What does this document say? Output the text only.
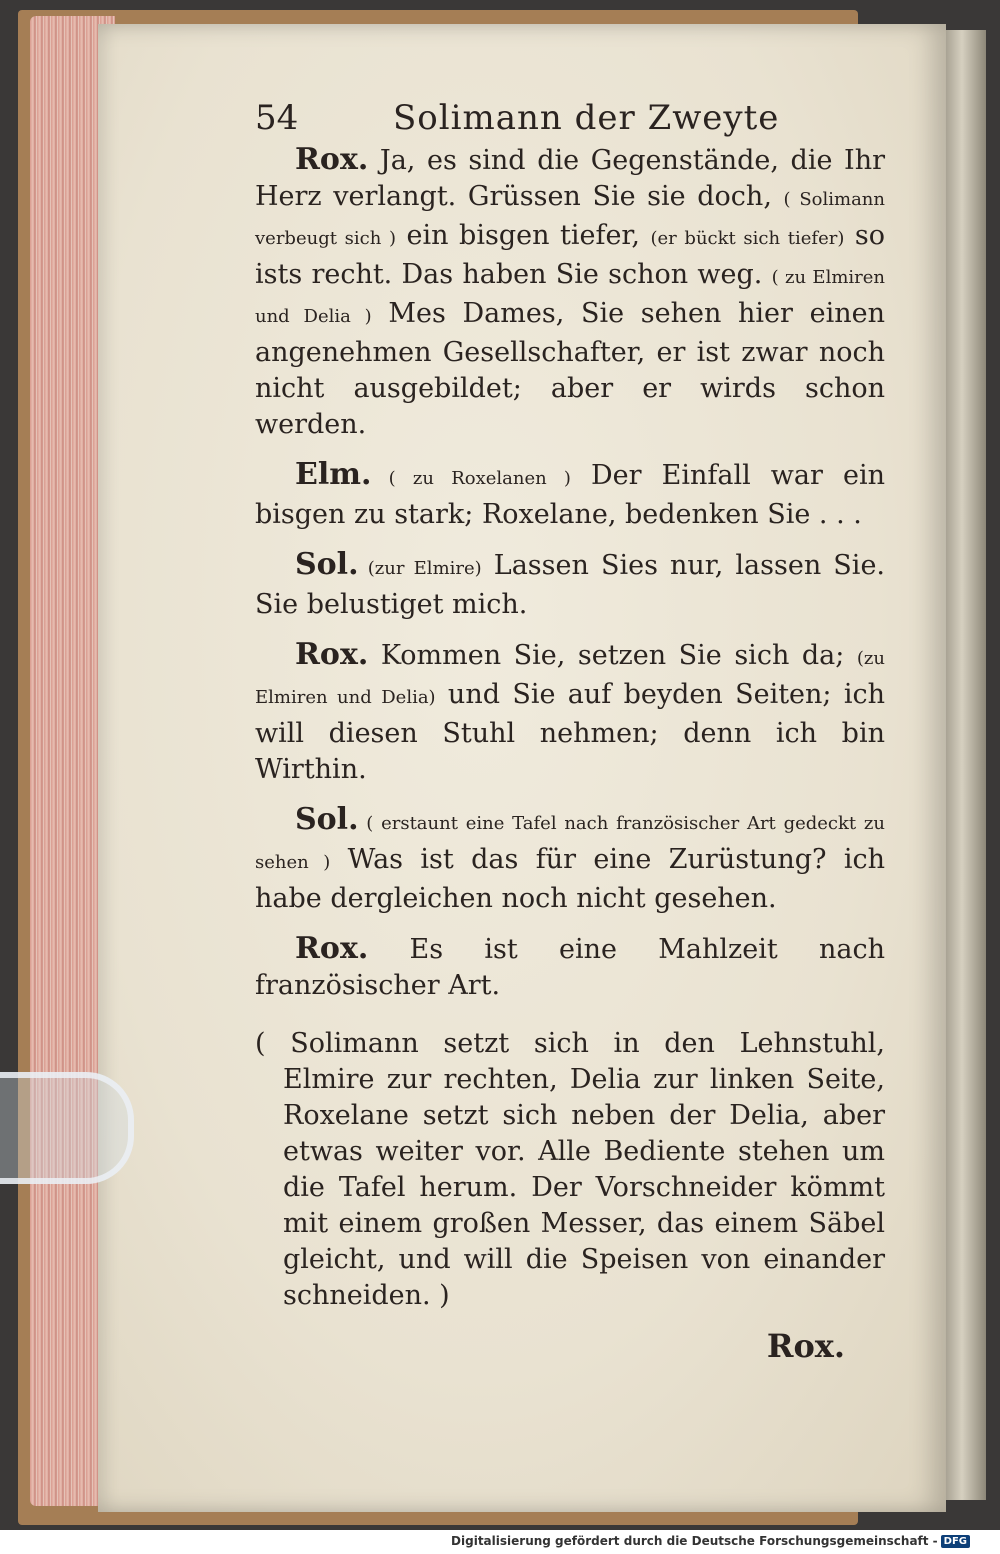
54	Solimann der Zweyte

Rox. Ja, es sind die Gegenstände, die Ihr Herz verlangt. Grüssen Sie sie doch, ( Solimann verbeugt sich ) ein bisgen tiefer, (er bückt sich tiefer) so ists recht. Das haben Sie schon weg. ( zu Elmiren und Delia ) Mes Dames, Sie sehen hier einen angenehmen Gesellschafter, er ist zwar noch nicht ausgebildet; aber er wirds schon werden.

Elm. ( zu Roxelanen ) Der Einfall war ein bisgen zu stark; Roxelane, bedenken Sie . . .

Sol. (zur Elmire) Lassen Sies nur, lassen Sie. Sie belustiget mich.

Rox. Kommen Sie, setzen Sie sich da; (zu Elmiren und Delia) und Sie auf beyden Seiten; ich will diesen Stuhl nehmen; denn ich bin Wirthin.

Sol. ( erstaunt eine Tafel nach französischer Art gedeckt zu sehen ) Was ist das für eine Zurüstung? ich habe dergleichen noch nicht gesehen.

Rox. Es ist eine Mahlzeit nach französischer Art.

( Solimann setzt sich in den Lehnstuhl, Elmire zur rechten, Delia zur linken Seite, Roxelane setzt sich neben der Delia, aber etwas weiter vor. Alle Bediente stehen um die Tafel herum. Der Vorschneider kömmt mit einem großen Messer, das einem Säbel gleicht, und will die Speisen von einander schneiden. )

Rox.
Digitalisierung gefördert durch die Deutsche Forschungsgemeinschaft - DFG
